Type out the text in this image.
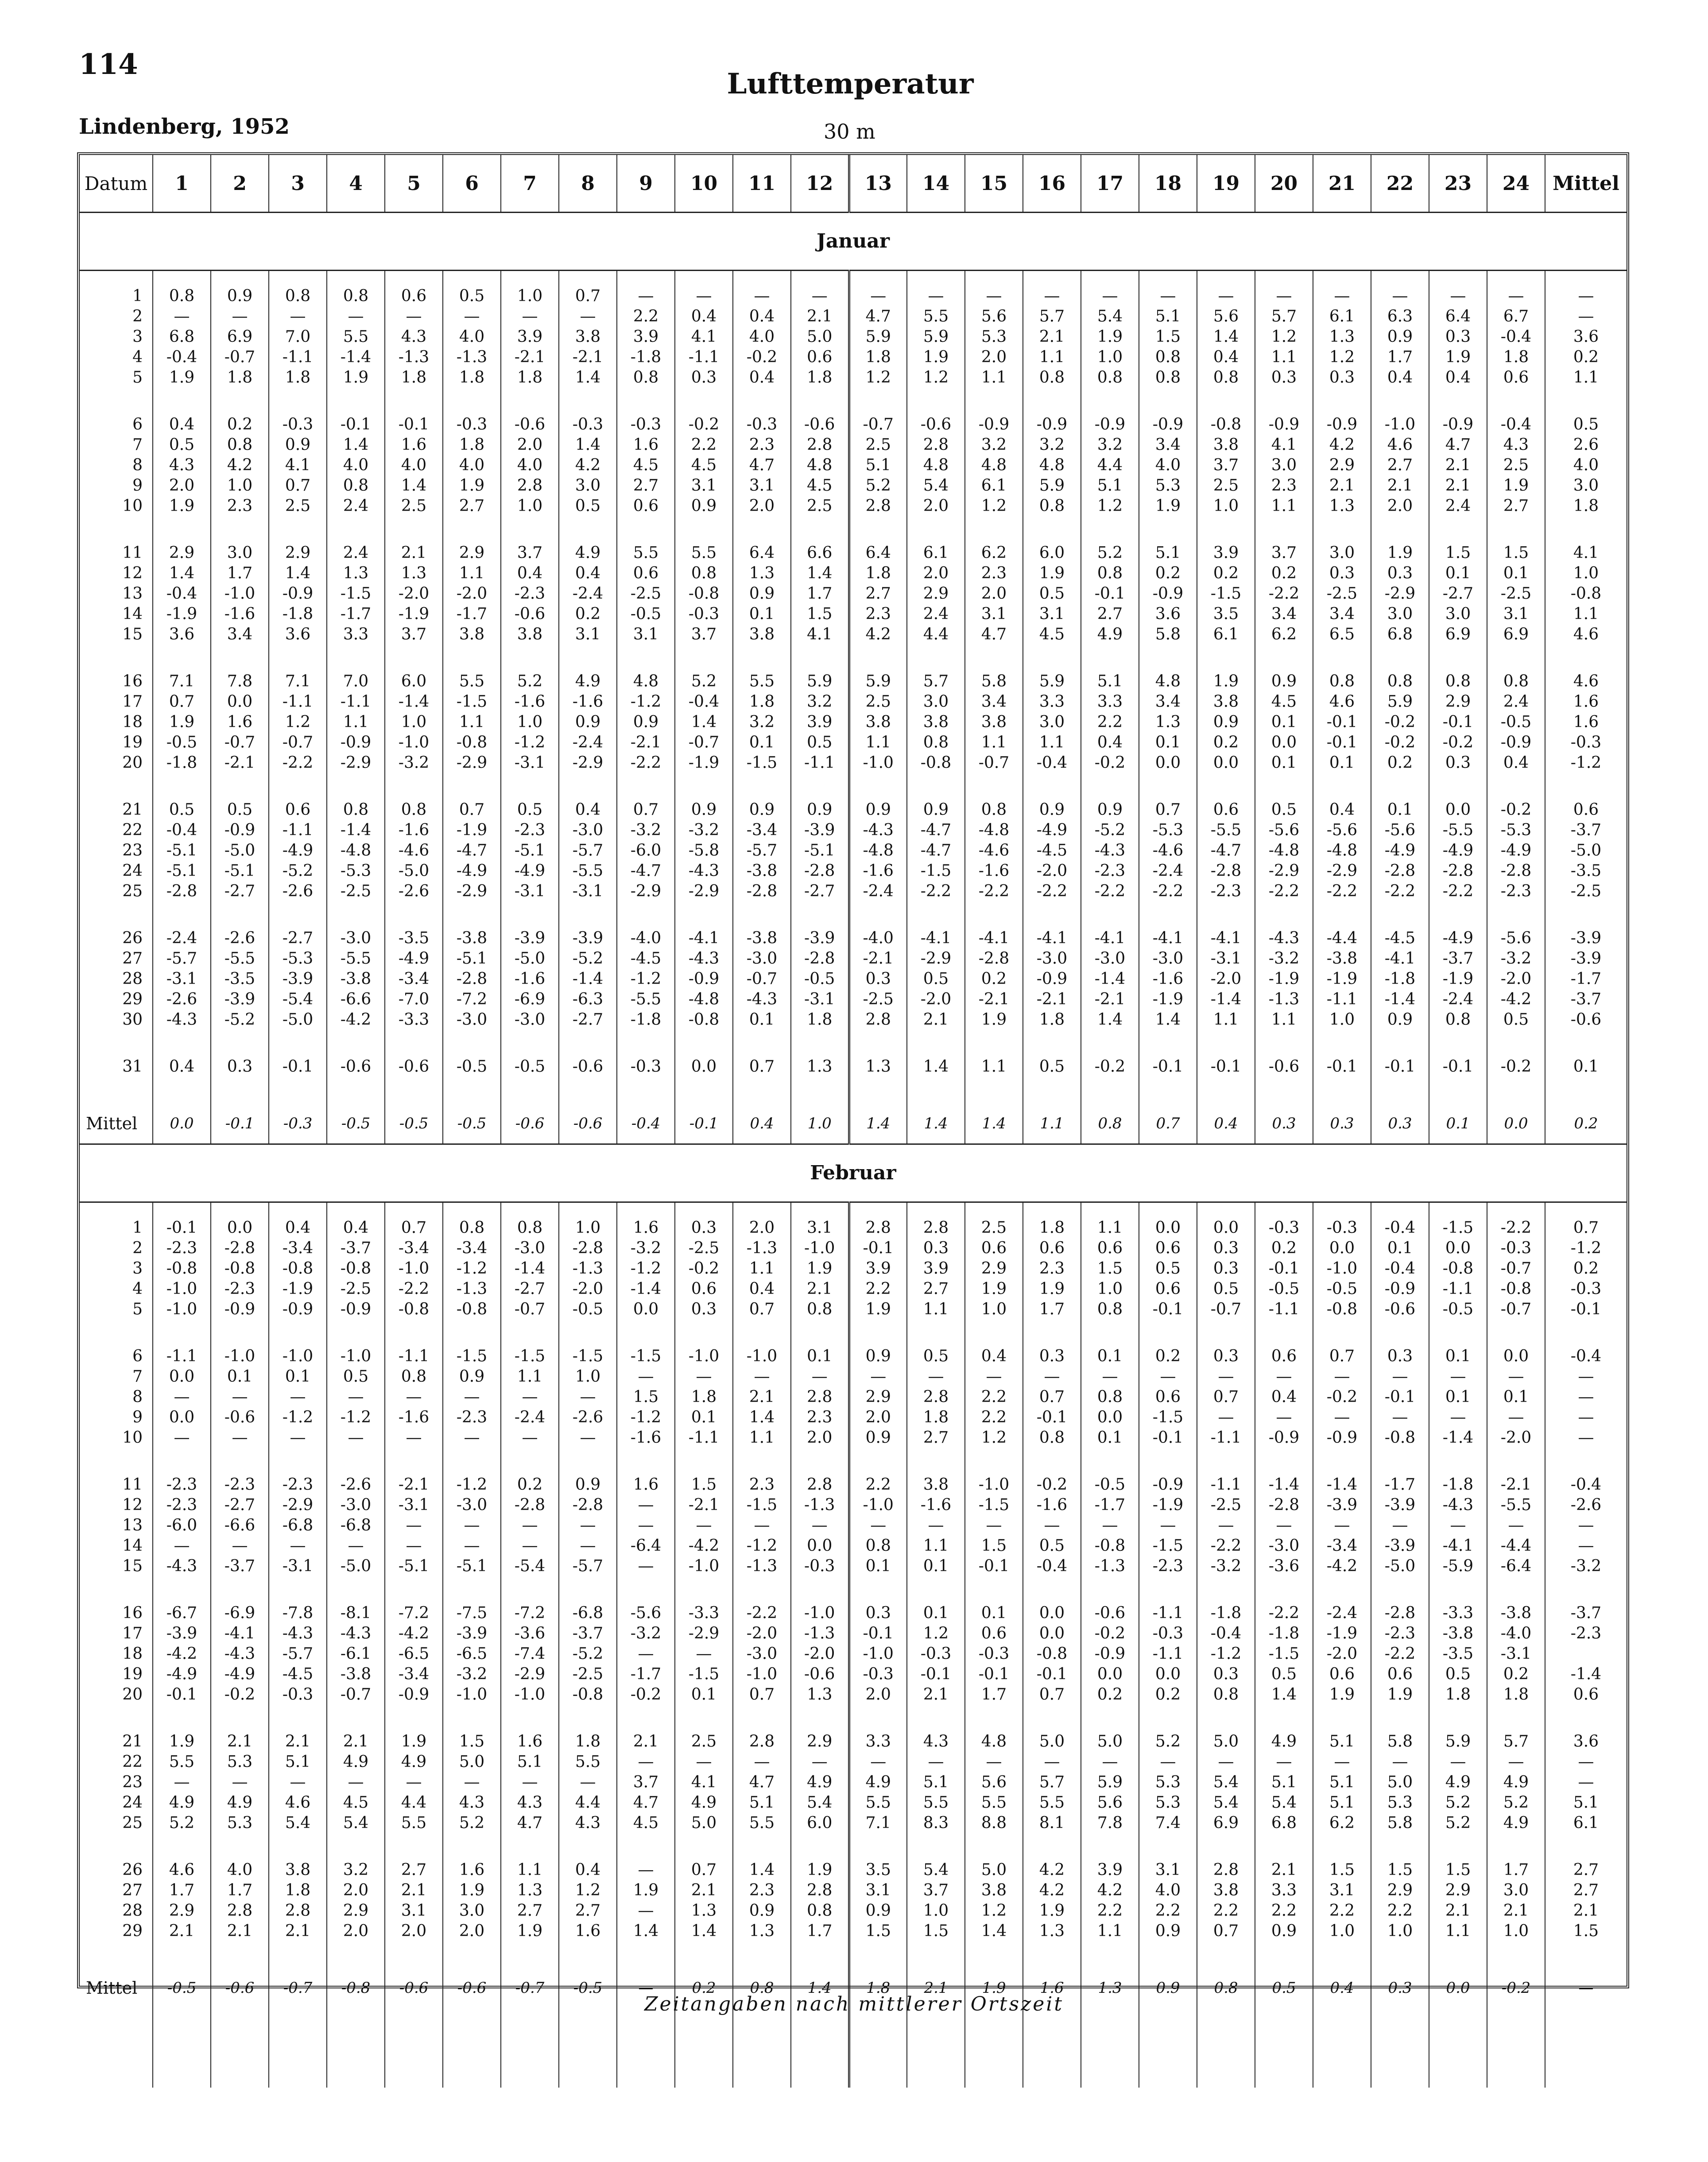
114
Lufttemperatur
Lindenberg, 1952	30 m
Datum	1	2	3	4	5	6	7	8	9	10	11	12	13	14	15	16	17	18	19	20	21	22	23	24	Mittel
Januar																									

1	0.8	0.9	0.8	0.8	0.6	0.5	1.0	0.7	—	—	—	—	—	—	—	—	—	—	—	—	—	—	—	—	—
2	—	—	—	—	—	—	—	—	2.2	0.4	0.4	2.1	4.7	5.5	5.6	5.7	5.4	5.1	5.6	5.7	6.1	6.3	6.4	6.7	—
3	6.8	6.9	7.0	5.5	4.3	4.0	3.9	3.8	3.9	4.1	4.0	5.0	5.9	5.9	5.3	2.1	1.9	1.5	1.4	1.2	1.3	0.9	0.3	-0.4	3.6
4	-0.4	-0.7	-1.1	-1.4	-1.3	-1.3	-2.1	-2.1	-1.8	-1.1	-0.2	0.6	1.8	1.9	2.0	1.1	1.0	0.8	0.4	1.1	1.2	1.7	1.9	1.8	0.2
5	1.9	1.8	1.8	1.9	1.8	1.8	1.8	1.4	0.8	0.3	0.4	1.8	1.2	1.2	1.1	0.8	0.8	0.8	0.8	0.3	0.3	0.4	0.4	0.6	1.1

6	0.4	0.2	-0.3	-0.1	-0.1	-0.3	-0.6	-0.3	-0.3	-0.2	-0.3	-0.6	-0.7	-0.6	-0.9	-0.9	-0.9	-0.9	-0.8	-0.9	-0.9	-1.0	-0.9	-0.4	0.5
7	0.5	0.8	0.9	1.4	1.6	1.8	2.0	1.4	1.6	2.2	2.3	2.8	2.5	2.8	3.2	3.2	3.2	3.4	3.8	4.1	4.2	4.6	4.7	4.3	2.6
8	4.3	4.2	4.1	4.0	4.0	4.0	4.0	4.2	4.5	4.5	4.7	4.8	5.1	4.8	4.8	4.8	4.4	4.0	3.7	3.0	2.9	2.7	2.1	2.5	4.0
9	2.0	1.0	0.7	0.8	1.4	1.9	2.8	3.0	2.7	3.1	3.1	4.5	5.2	5.4	6.1	5.9	5.1	5.3	2.5	2.3	2.1	2.1	2.1	1.9	3.0
10	1.9	2.3	2.5	2.4	2.5	2.7	1.0	0.5	0.6	0.9	2.0	2.5	2.8	2.0	1.2	0.8	1.2	1.9	1.0	1.1	1.3	2.0	2.4	2.7	1.8

11	2.9	3.0	2.9	2.4	2.1	2.9	3.7	4.9	5.5	5.5	6.4	6.6	6.4	6.1	6.2	6.0	5.2	5.1	3.9	3.7	3.0	1.9	1.5	1.5	4.1
12	1.4	1.7	1.4	1.3	1.3	1.1	0.4	0.4	0.6	0.8	1.3	1.4	1.8	2.0	2.3	1.9	0.8	0.2	0.2	0.2	0.3	0.3	0.1	0.1	1.0
13	-0.4	-1.0	-0.9	-1.5	-2.0	-2.0	-2.3	-2.4	-2.5	-0.8	0.9	1.7	2.7	2.9	2.0	0.5	-0.1	-0.9	-1.5	-2.2	-2.5	-2.9	-2.7	-2.5	-0.8
14	-1.9	-1.6	-1.8	-1.7	-1.9	-1.7	-0.6	0.2	-0.5	-0.3	0.1	1.5	2.3	2.4	3.1	3.1	2.7	3.6	3.5	3.4	3.4	3.0	3.0	3.1	1.1
15	3.6	3.4	3.6	3.3	3.7	3.8	3.8	3.1	3.1	3.7	3.8	4.1	4.2	4.4	4.7	4.5	4.9	5.8	6.1	6.2	6.5	6.8	6.9	6.9	4.6

16	7.1	7.8	7.1	7.0	6.0	5.5	5.2	4.9	4.8	5.2	5.5	5.9	5.9	5.7	5.8	5.9	5.1	4.8	1.9	0.9	0.8	0.8	0.8	0.8	4.6
17	0.7	0.0	-1.1	-1.1	-1.4	-1.5	-1.6	-1.6	-1.2	-0.4	1.8	3.2	2.5	3.0	3.4	3.3	3.3	3.4	3.8	4.5	4.6	5.9	2.9	2.4	1.6
18	1.9	1.6	1.2	1.1	1.0	1.1	1.0	0.9	0.9	1.4	3.2	3.9	3.8	3.8	3.8	3.0	2.2	1.3	0.9	0.1	-0.1	-0.2	-0.1	-0.5	1.6
19	-0.5	-0.7	-0.7	-0.9	-1.0	-0.8	-1.2	-2.4	-2.1	-0.7	0.1	0.5	1.1	0.8	1.1	1.1	0.4	0.1	0.2	0.0	-0.1	-0.2	-0.2	-0.9	-0.3
20	-1.8	-2.1	-2.2	-2.9	-3.2	-2.9	-3.1	-2.9	-2.2	-1.9	-1.5	-1.1	-1.0	-0.8	-0.7	-0.4	-0.2	0.0	0.0	0.1	0.1	0.2	0.3	0.4	-1.2

21	0.5	0.5	0.6	0.8	0.8	0.7	0.5	0.4	0.7	0.9	0.9	0.9	0.9	0.9	0.8	0.9	0.9	0.7	0.6	0.5	0.4	0.1	0.0	-0.2	0.6
22	-0.4	-0.9	-1.1	-1.4	-1.6	-1.9	-2.3	-3.0	-3.2	-3.2	-3.4	-3.9	-4.3	-4.7	-4.8	-4.9	-5.2	-5.3	-5.5	-5.6	-5.6	-5.6	-5.5	-5.3	-3.7
23	-5.1	-5.0	-4.9	-4.8	-4.6	-4.7	-5.1	-5.7	-6.0	-5.8	-5.7	-5.1	-4.8	-4.7	-4.6	-4.5	-4.3	-4.6	-4.7	-4.8	-4.8	-4.9	-4.9	-4.9	-5.0
24	-5.1	-5.1	-5.2	-5.3	-5.0	-4.9	-4.9	-5.5	-4.7	-4.3	-3.8	-2.8	-1.6	-1.5	-1.6	-2.0	-2.3	-2.4	-2.8	-2.9	-2.9	-2.8	-2.8	-2.8	-3.5
25	-2.8	-2.7	-2.6	-2.5	-2.6	-2.9	-3.1	-3.1	-2.9	-2.9	-2.8	-2.7	-2.4	-2.2	-2.2	-2.2	-2.2	-2.2	-2.3	-2.2	-2.2	-2.2	-2.2	-2.3	-2.5

26	-2.4	-2.6	-2.7	-3.0	-3.5	-3.8	-3.9	-3.9	-4.0	-4.1	-3.8	-3.9	-4.0	-4.1	-4.1	-4.1	-4.1	-4.1	-4.1	-4.3	-4.4	-4.5	-4.9	-5.6	-3.9
27	-5.7	-5.5	-5.3	-5.5	-4.9	-5.1	-5.0	-5.2	-4.5	-4.3	-3.0	-2.8	-2.1	-2.9	-2.8	-3.0	-3.0	-3.0	-3.1	-3.2	-3.8	-4.1	-3.7	-3.2	-3.9
28	-3.1	-3.5	-3.9	-3.8	-3.4	-2.8	-1.6	-1.4	-1.2	-0.9	-0.7	-0.5	0.3	0.5	0.2	-0.9	-1.4	-1.6	-2.0	-1.9	-1.9	-1.8	-1.9	-2.0	-1.7
29	-2.6	-3.9	-5.4	-6.6	-7.0	-7.2	-6.9	-6.3	-5.5	-4.8	-4.3	-3.1	-2.5	-2.0	-2.1	-2.1	-2.1	-1.9	-1.4	-1.3	-1.1	-1.4	-2.4	-4.2	-3.7
30	-4.3	-5.2	-5.0	-4.2	-3.3	-3.0	-3.0	-2.7	-1.8	-0.8	0.1	1.8	2.8	2.1	1.9	1.8	1.4	1.4	1.1	1.1	1.0	0.9	0.8	0.5	-0.6

31	0.4	0.3	-0.1	-0.6	-0.6	-0.5	-0.5	-0.6	-0.3	0.0	0.7	1.3	1.3	1.4	1.1	0.5	-0.2	-0.1	-0.1	-0.6	-0.1	-0.1	-0.1	-0.2	0.1

Mittel	0.0	-0.1	-0.3	-0.5	-0.5	-0.5	-0.6	-0.6	-0.4	-0.1	0.4	1.0	1.4	1.4	1.4	1.1	0.8	0.7	0.4	0.3	0.3	0.3	0.1	0.0	0.2
Februar																									

1	-0.1	0.0	0.4	0.4	0.7	0.8	0.8	1.0	1.6	0.3	2.0	3.1	2.8	2.8	2.5	1.8	1.1	0.0	0.0	-0.3	-0.3	-0.4	-1.5	-2.2	0.7
2	-2.3	-2.8	-3.4	-3.7	-3.4	-3.4	-3.0	-2.8	-3.2	-2.5	-1.3	-1.0	-0.1	0.3	0.6	0.6	0.6	0.6	0.3	0.2	0.0	0.1	0.0	-0.3	-1.2
3	-0.8	-0.8	-0.8	-0.8	-1.0	-1.2	-1.4	-1.3	-1.2	-0.2	1.1	1.9	3.9	3.9	2.9	2.3	1.5	0.5	0.3	-0.1	-1.0	-0.4	-0.8	-0.7	0.2
4	-1.0	-2.3	-1.9	-2.5	-2.2	-1.3	-2.7	-2.0	-1.4	0.6	0.4	2.1	2.2	2.7	1.9	1.9	1.0	0.6	0.5	-0.5	-0.5	-0.9	-1.1	-0.8	-0.3
5	-1.0	-0.9	-0.9	-0.9	-0.8	-0.8	-0.7	-0.5	0.0	0.3	0.7	0.8	1.9	1.1	1.0	1.7	0.8	-0.1	-0.7	-1.1	-0.8	-0.6	-0.5	-0.7	-0.1

6	-1.1	-1.0	-1.0	-1.0	-1.1	-1.5	-1.5	-1.5	-1.5	-1.0	-1.0	0.1	0.9	0.5	0.4	0.3	0.1	0.2	0.3	0.6	0.7	0.3	0.1	0.0	-0.4
7	0.0	0.1	0.1	0.5	0.8	0.9	1.1	1.0	—	—	—	—	—	—	—	—	—	—	—	—	—	—	—	—	—
8	—	—	—	—	—	—	—	—	1.5	1.8	2.1	2.8	2.9	2.8	2.2	0.7	0.8	0.6	0.7	0.4	-0.2	-0.1	0.1	0.1	—
9	0.0	-0.6	-1.2	-1.2	-1.6	-2.3	-2.4	-2.6	-1.2	0.1	1.4	2.3	2.0	1.8	2.2	-0.1	0.0	-1.5	—	—	—	—	—	—	—
10	—	—	—	—	—	—	—	—	-1.6	-1.1	1.1	2.0	0.9	2.7	1.2	0.8	0.1	-0.1	-1.1	-0.9	-0.9	-0.8	-1.4	-2.0	—

11	-2.3	-2.3	-2.3	-2.6	-2.1	-1.2	0.2	0.9	1.6	1.5	2.3	2.8	2.2	3.8	-1.0	-0.2	-0.5	-0.9	-1.1	-1.4	-1.4	-1.7	-1.8	-2.1	-0.4
12	-2.3	-2.7	-2.9	-3.0	-3.1	-3.0	-2.8	-2.8	—	-2.1	-1.5	-1.3	-1.0	-1.6	-1.5	-1.6	-1.7	-1.9	-2.5	-2.8	-3.9	-3.9	-4.3	-5.5	-2.6
13	-6.0	-6.6	-6.8	-6.8	—	—	—	—	—	—	—	—	—	—	—	—	—	—	—	—	—	—	—	—	—
14	—	—	—	—	—	—	—	—	-6.4	-4.2	-1.2	0.0	0.8	1.1	1.5	0.5	-0.8	-1.5	-2.2	-3.0	-3.4	-3.9	-4.1	-4.4	—
15	-4.3	-3.7	-3.1	-5.0	-5.1	-5.1	-5.4	-5.7	—	-1.0	-1.3	-0.3	0.1	0.1	-0.1	-0.4	-1.3	-2.3	-3.2	-3.6	-4.2	-5.0	-5.9	-6.4	-3.2

16	-6.7	-6.9	-7.8	-8.1	-7.2	-7.5	-7.2	-6.8	-5.6	-3.3	-2.2	-1.0	0.3	0.1	0.1	0.0	-0.6	-1.1	-1.8	-2.2	-2.4	-2.8	-3.3	-3.8	-3.7
17	-3.9	-4.1	-4.3	-4.3	-4.2	-3.9	-3.6	-3.7	-3.2	-2.9	-2.0	-1.3	-0.1	1.2	0.6	0.0	-0.2	-0.3	-0.4	-1.8	-1.9	-2.3	-3.8	-4.0	-2.3
18	-4.2	-4.3	-5.7	-6.1	-6.5	-6.5	-7.4	-5.2	—	—	-3.0	-2.0	-1.0	-0.3	-0.3	-0.8	-0.9	-1.1	-1.2	-1.5	-2.0	-2.2	-3.5	-3.1	
19	-4.9	-4.9	-4.5	-3.8	-3.4	-3.2	-2.9	-2.5	-1.7	-1.5	-1.0	-0.6	-0.3	-0.1	-0.1	-0.1	0.0	0.0	0.3	0.5	0.6	0.6	0.5	0.2	-1.4
20	-0.1	-0.2	-0.3	-0.7	-0.9	-1.0	-1.0	-0.8	-0.2	0.1	0.7	1.3	2.0	2.1	1.7	0.7	0.2	0.2	0.8	1.4	1.9	1.9	1.8	1.8	0.6

21	1.9	2.1	2.1	2.1	1.9	1.5	1.6	1.8	2.1	2.5	2.8	2.9	3.3	4.3	4.8	5.0	5.0	5.2	5.0	4.9	5.1	5.8	5.9	5.7	3.6
22	5.5	5.3	5.1	4.9	4.9	5.0	5.1	5.5	—	—	—	—	—	—	—	—	—	—	—	—	—	—	—	—	—
23	—	—	—	—	—	—	—	—	3.7	4.1	4.7	4.9	4.9	5.1	5.6	5.7	5.9	5.3	5.4	5.1	5.1	5.0	4.9	4.9	—
24	4.9	4.9	4.6	4.5	4.4	4.3	4.3	4.4	4.7	4.9	5.1	5.4	5.5	5.5	5.5	5.5	5.6	5.3	5.4	5.4	5.1	5.3	5.2	5.2	5.1
25	5.2	5.3	5.4	5.4	5.5	5.2	4.7	4.3	4.5	5.0	5.5	6.0	7.1	8.3	8.8	8.1	7.8	7.4	6.9	6.8	6.2	5.8	5.2	4.9	6.1

26	4.6	4.0	3.8	3.2	2.7	1.6	1.1	0.4	—	0.7	1.4	1.9	3.5	5.4	5.0	4.2	3.9	3.1	2.8	2.1	1.5	1.5	1.5	1.7	2.7
27	1.7	1.7	1.8	2.0	2.1	1.9	1.3	1.2	1.9	2.1	2.3	2.8	3.1	3.7	3.8	4.2	4.2	4.0	3.8	3.3	3.1	2.9	2.9	3.0	2.7
28	2.9	2.8	2.8	2.9	3.1	3.0	2.7	2.7	—	1.3	0.9	0.8	0.9	1.0	1.2	1.9	2.2	2.2	2.2	2.2	2.2	2.2	2.1	2.1	2.1
29	2.1	2.1	2.1	2.0	2.0	2.0	1.9	1.6	1.4	1.4	1.3	1.7	1.5	1.5	1.4	1.3	1.1	0.9	0.7	0.9	1.0	1.0	1.1	1.0	1.5

Mittel	-0.5	-0.6	-0.7	-0.8	-0.6	-0.6	-0.7	-0.5	—	0.2	0.8	1.4	1.8	2.1	1.9	1.6	1.3	0.9	0.8	0.5	0.4	0.3	0.0	-0.2	—

Zeitangaben nach mittlerer Ortszeit
